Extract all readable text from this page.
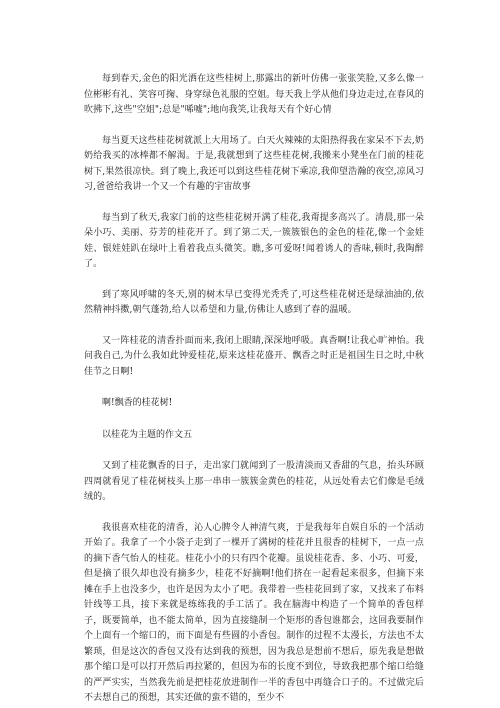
每到春天,金色的阳光洒在这些桂树上,那露出的新叶仿佛一张张笑脸,又多么像一位彬彬有礼、笑容可掬、身穿绿色礼服的空姐。每天我上学从他们身边走过,在春风的吹拂下,这些"空姐";总是"唏嘘";地向我笑,让我每天有个好心情

每当夏天这些桂花树就派上大用场了。白天火辣辣的太阳热得我在家呆不下去,奶奶给我买的冰棒都不解渴。于是,我就想到了这些桂花树,我搬来小凳坐在门前的桂花树下,果然很凉快。到了晚上,我还可以到这些桂花树下乘凉,我仰望浩瀚的夜空,凉风习习,爸爸给我讲一个又一个有趣的宇宙故事

每当到了秋天,我家门前的这些桂花树开满了桂花,我甭提多高兴了。清晨,那一朵朵小巧、美丽、芬芳的桂花开了。到了第二天,一簇簇银色的金色的桂花,像一个金娃娃、银娃娃趴在绿叶上看着我点头微笑。瞧,多可爱呀!闻着诱人的香味,顿时,我陶醉了。

到了寒风呼啸的冬天,别的树木早已变得光秃秃了,可这些桂花树还是绿油油的,依然精神抖擞,朝气蓬勃,给人以希望和力量,仿佛让人感到了春的温暖。

又一阵桂花的清香扑面而来,我闭上眼睛,深深地呼吸。真香啊!让我心旷神怡。我问我自己,为什么我如此钟爱桂花,原来这桂花盛开、飘香之时正是祖国生日之时,中秋佳节之日啊!

啊!飘香的桂花树!

以桂花为主题的作文五

又到了桂花飘香的日子，走出家门就闻到了一股清淡而又香甜的气息，抬头环顾四周就看见了桂花树枝头上那一串串一簇簇金黄色的桂花，从远处看去它们像是毛绒绒的。

我很喜欢桂花的清香，沁人心脾令人神清气爽，于是我每年自娱自乐的一个活动开始了。我拿了一个小袋子走到了一棵开了满树的桂花并且很香的桂树下，一点一点的摘下香气怡人的桂花。桂花小小的只有四个花瓣。虽说桂花香、多、小巧、可爱，但是摘了很久却也没有摘多少，桂花不好摘啊!他们挤在一起看起来很多，但摘下来摊在手上也没多少，也许是因为太小了吧。我带着一些桂花回到了家，又找来了布料针线等工具，接下来就是练练我的手工活了。我在脑海中构造了一个简单的香包样子，既要简单，也不能太简单，因为直接缝制一个矩形的香包谁都会，这回我要制作个上面有一个缩口的，而下面是有些圆的小香包。制作的过程不太漫长，方法也不太繁琐，但是这次的香包又没有达到我的预想，因为我总是想前不想后，原先我是想做那个缩口是可以打开然后再拉紧的，但因为布的长度不到位，导致我把那个缩口给缝的严严实实，当然我先前是把桂花放进制作一半的香包中再缝合口子的。不过做完后不去想自己的预想，其实还做的蛮不错的，至少不
